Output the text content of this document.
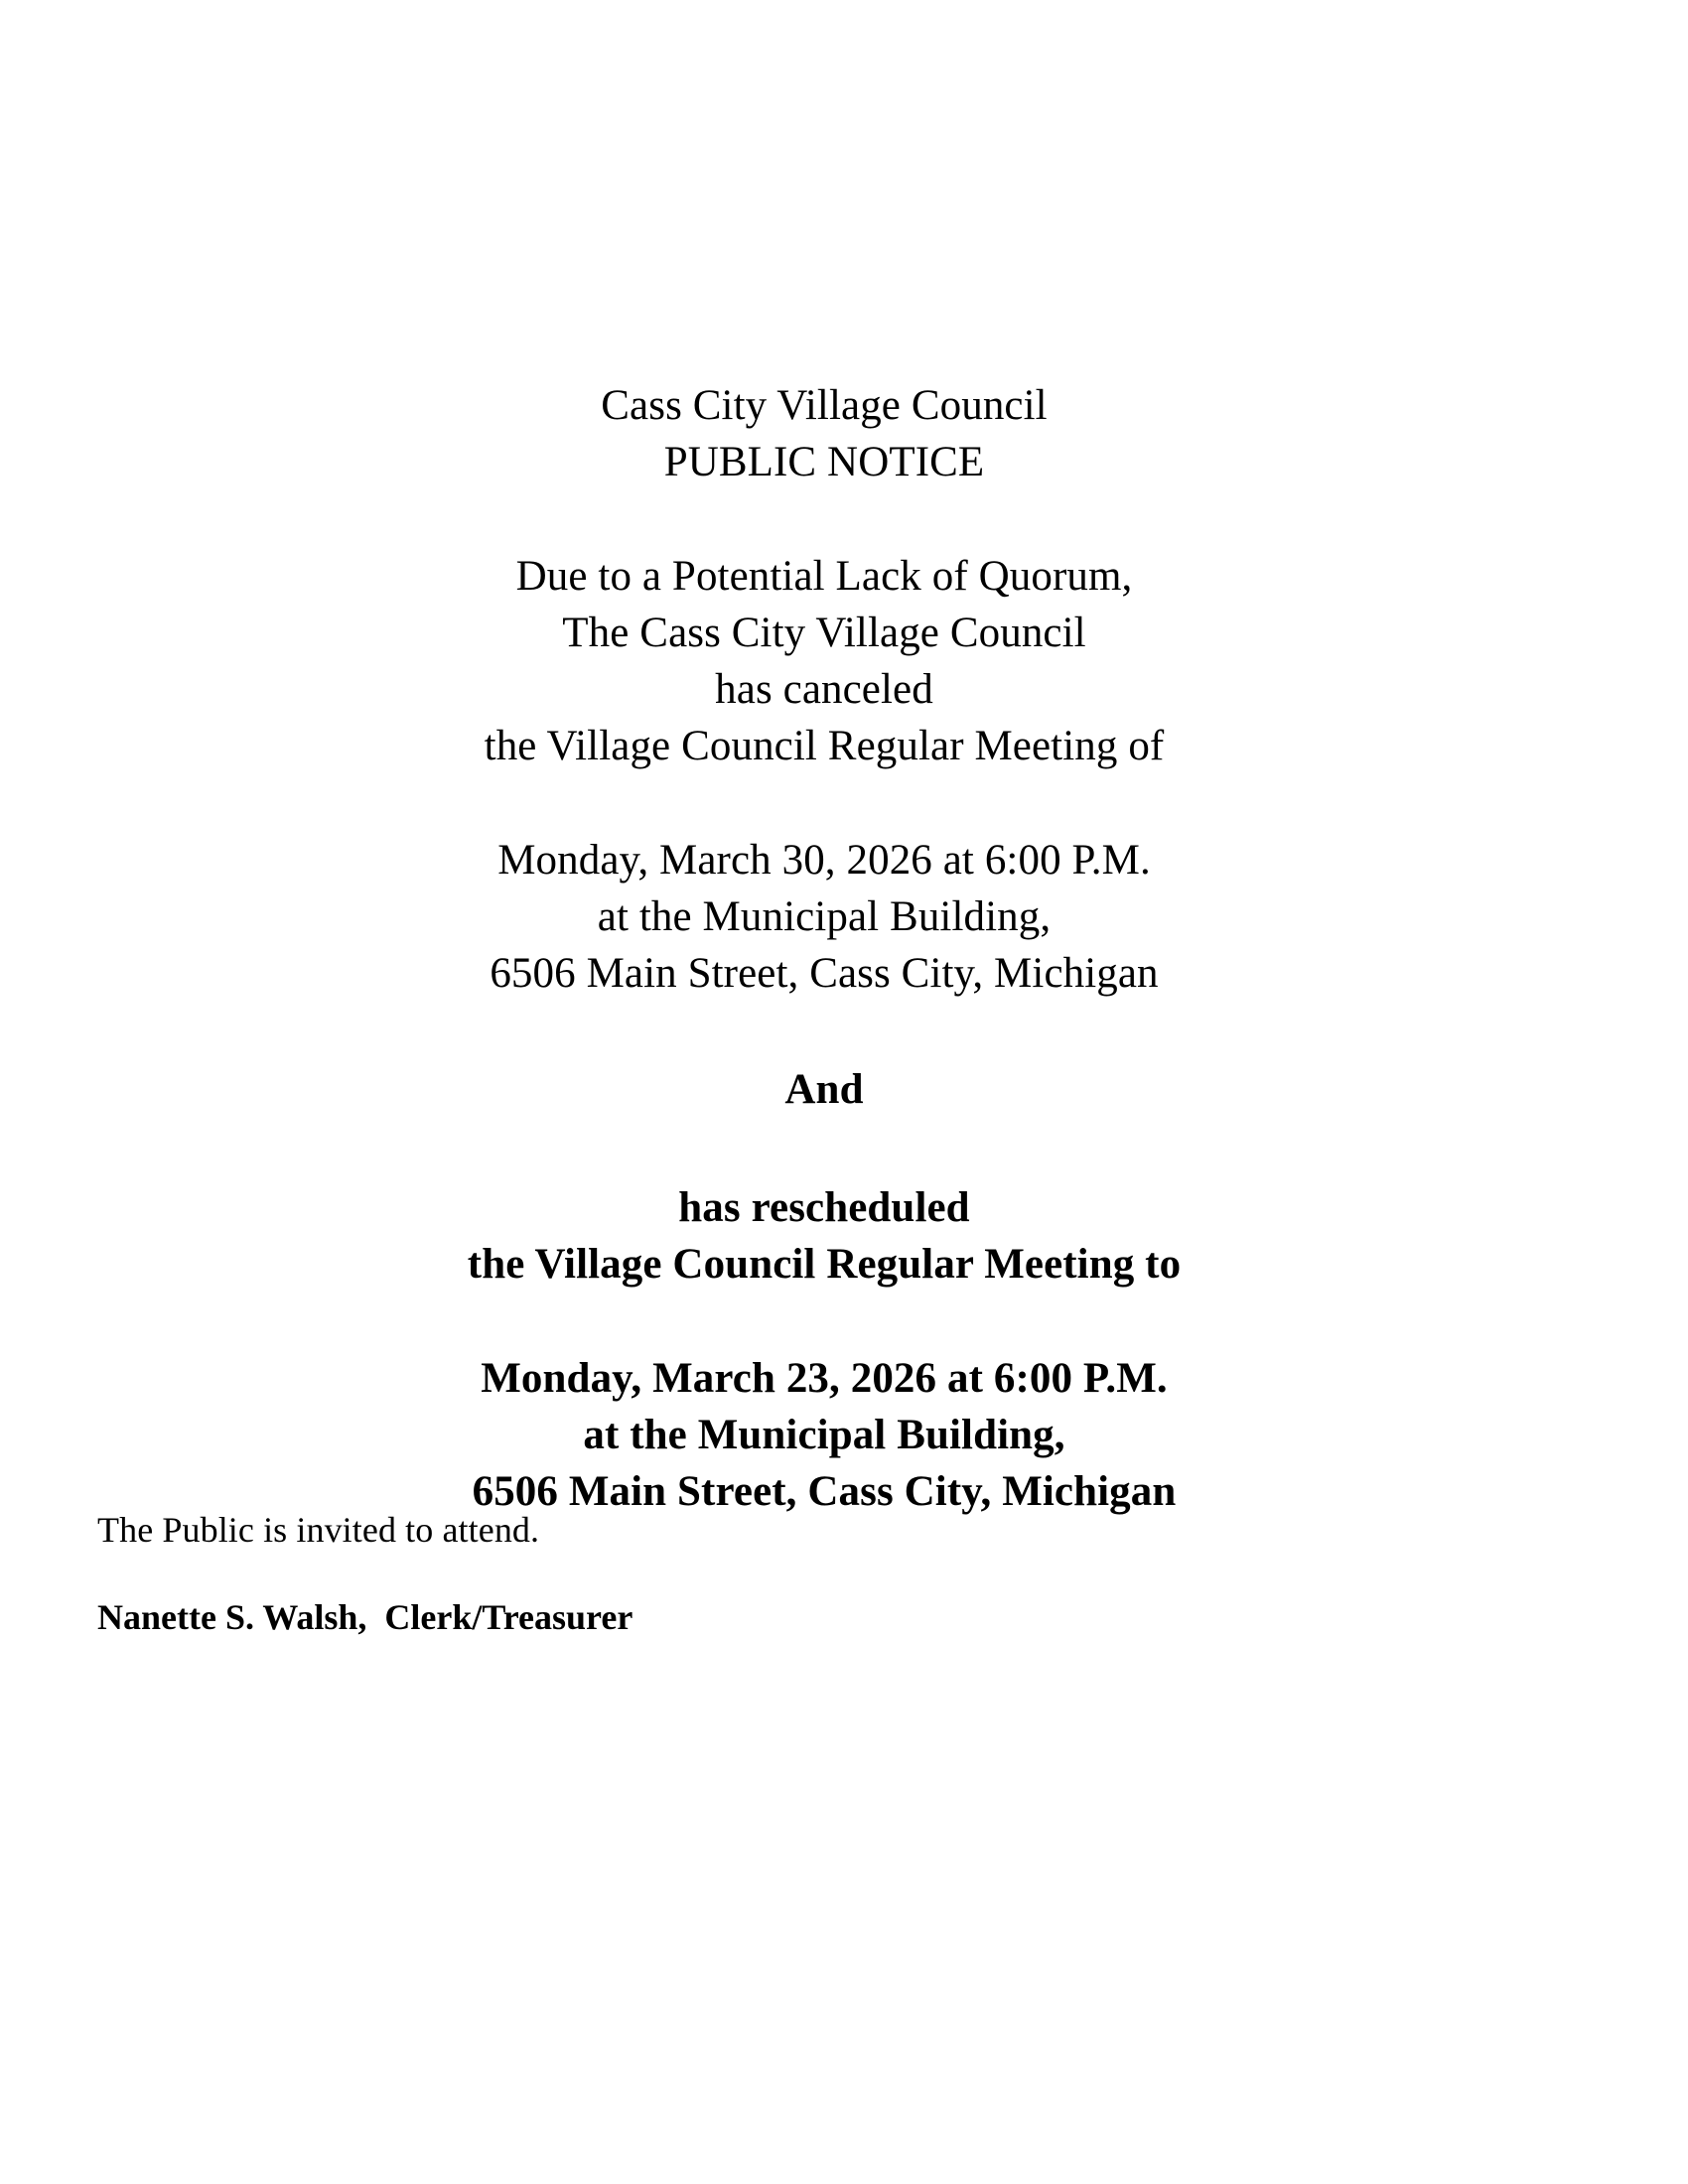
Cass City Village Council
PUBLIC NOTICE
Due to a Potential Lack of Quorum,
The Cass City Village Council
has canceled
the Village Council Regular Meeting of
Monday, March 30, 2026 at 6:00 P.M.
at the Municipal Building,
6506 Main Street, Cass City, Michigan
And
has rescheduled
the Village Council Regular Meeting to
Monday, March 23, 2026 at 6:00 P.M.
at the Municipal Building,
6506 Main Street, Cass City, Michigan
The Public is invited to attend.
Nanette S. Walsh,  Clerk/Treasurer
